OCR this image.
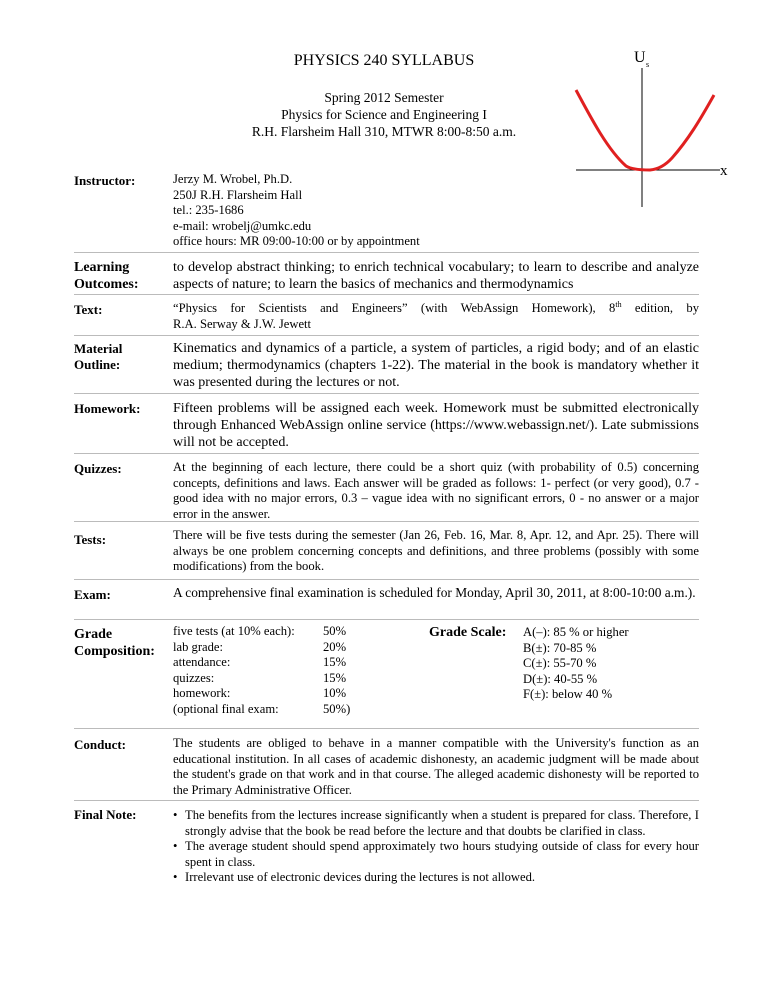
PHYSICS 240 SYLLABUS
Spring 2012 Semester
Physics for Science and Engineering I
R.H. Flarsheim Hall 310, MTWR 8:00-8:50 a.m.
U s
x
Instructor:	Jerzy M. Wrobel, Ph.D.
250J R.H. Flarsheim Hall
tel.: 235-1686
e-mail: wrobelj@umkc.edu
office hours: MR 09:00-10:00 or by appointment
Learning
Outcomes:
to develop abstract thinking; to enrich technical vocabulary; to learn to describe and analyze aspects of nature; to learn the basics of mechanics and thermodynamics
Text:	“Physics for Scientists and Engineers” (with WebAssign Homework), 8th edition, by
R.A. Serway & J.W. Jewett
Material
Outline:
Kinematics and dynamics of a particle, a system of particles, a rigid body; and of an elastic medium; thermodynamics (chapters 1-22). The material in the book is mandatory whether it was presented during the lectures or not.
Homework: Fifteen problems will be assigned each week. Homework must be submitted electronically through Enhanced WebAssign online service (https://www.webassign.net/). Late submissions will not be accepted.
Quizzes:	At the beginning of each lecture, there could be a short quiz (with probability of 0.5) concerning concepts, definitions and laws. Each answer will be graded as follows: 1- perfect (or very good), 0.7 - good idea with no major errors, 0.3 – vague idea with no significant errors, 0 - no answer or a major error in the answer.
Tests:	There will be five tests during the semester (Jan 26, Feb. 16, Mar. 8, Apr. 12, and Apr. 25). There will always be one problem concerning concepts and definitions, and three problems (possibly with some modifications) from the book.
Exam:	A comprehensive final examination is scheduled for Monday, April 30, 2011, at 8:00-10:00 a.m.).
Grade
Composition:
five tests (at 10% each):	50%
lab grade:	20%
attendance:	15%
quizzes:	15%
homework:	10%
(optional final exam:	50%)
Grade Scale: A(–): 85 % or higher
B(±): 70-85 %
C(±): 55-70 %
D(±): 40-55 %
F(±): below 40 %
Conduct:	The students are obliged to behave in a manner compatible with the University's function as an educational institution. In all cases of academic dishonesty, an academic judgment will be made about the student's grade on that work and in that course. The alleged academic dishonesty will be reported to the Primary Administrative Officer.
Final Note:
•	The benefits from the lectures increase significantly when a student is prepared for class. Therefore, I strongly advise that the book be read before the lecture and that doubts be clarified in class.
• The average student should spend approximately two hours studying outside of class for every hour spent in class.
• Irrelevant use of electronic devices during the lectures is not allowed.
